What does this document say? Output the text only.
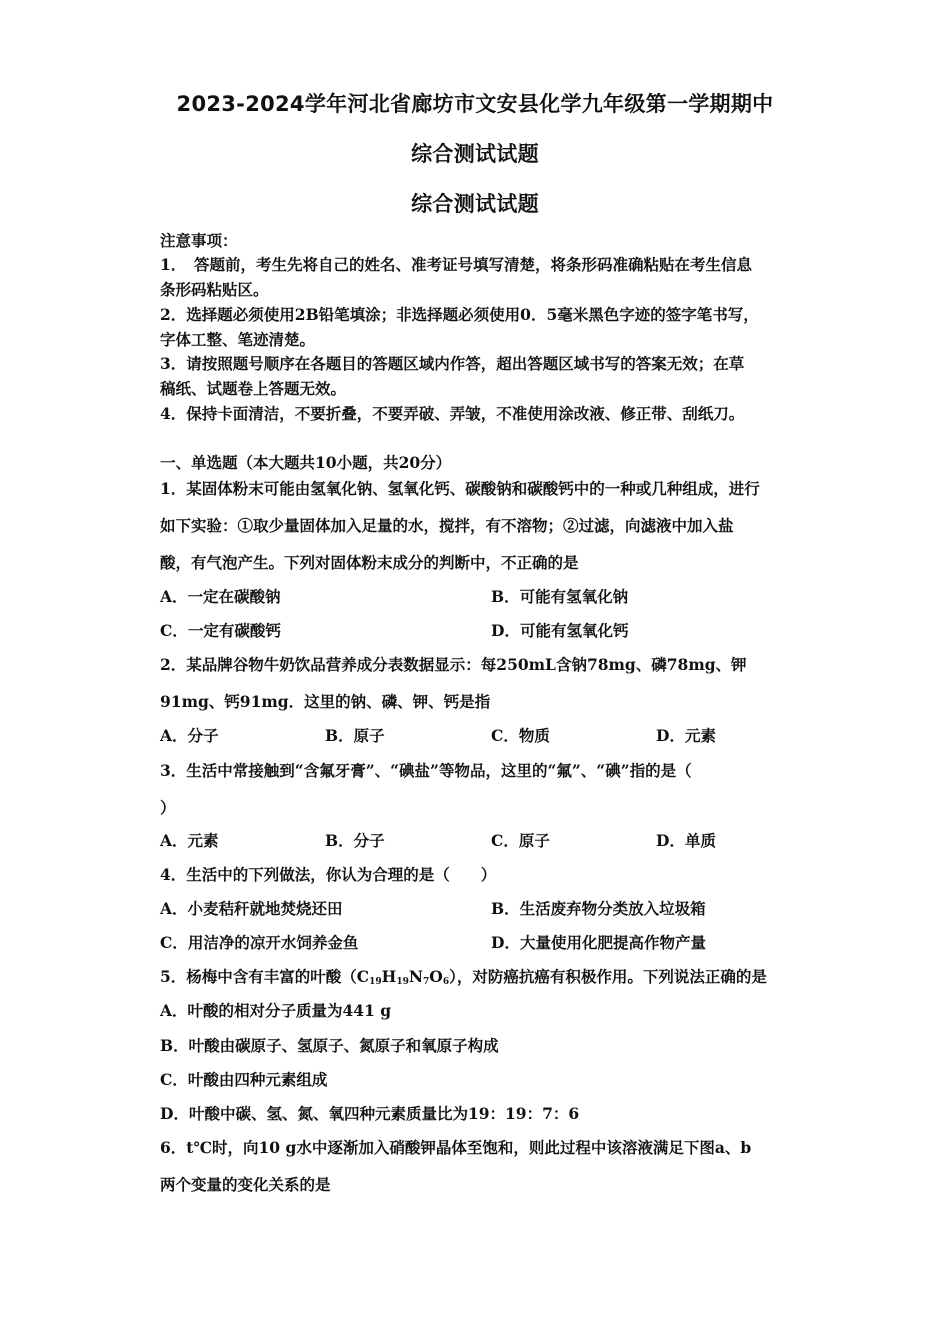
2023-2024学年河北省廊坊市文安县化学九年级第一学期期中
综合测试试题
综合测试试题
注意事项：
1．　答题前，考生先将自己的姓名、准考证号填写清楚，将条形码准确粘贴在考生信息
条形码粘贴区。
2．选择题必须使用2B铅笔填涂；非选择题必须使用0．5毫米黑色字迹的签字笔书写，
字体工整、笔迹清楚。
3．请按照题号顺序在各题目的答题区域内作答，超出答题区域书写的答案无效；在草
稿纸、试题卷上答题无效。
4．保持卡面清洁，不要折叠，不要弄破、弄皱，不准使用涂改液、修正带、刮纸刀。
一、单选题（本大题共10小题，共20分）
1．某固体粉末可能由氢氧化钠、氢氧化钙、碳酸钠和碳酸钙中的一种或几种组成，进行
如下实验：①取少量固体加入足量的水，搅拌，有不溶物；②过滤，向滤液中加入盐
酸，有气泡产生。下列对固体粉末成分的判断中，不正确的是
A．一定在碳酸钠	B．可能有氢氧化钠
C．一定有碳酸钙	D．可能有氢氧化钙
2．某品牌谷物牛奶饮品营养成分表数据显示：每250mL含钠78mg、磷78mg、钾
91mg、钙91mg．这里的钠、磷、钾、钙是指
A．分子	B．原子	C．物质	D．元素
3．生活中常接触到“含氟牙膏”、“碘盐”等物品，这里的“氟”、“碘”指的是（
）
A．元素	B．分子	C．原子	D．单质
4．生活中的下列做法，你认为合理的是（　　）
A．小麦秸秆就地焚烧还田	B．生活废弃物分类放入垃圾箱
C．用洁净的凉开水饲养金鱼	D．大量使用化肥提高作物产量
5．杨梅中含有丰富的叶酸$(C_{19}H_{19}N_7O_6)$，对防癌抗癌有积极作用。下列说法正确的是
A．叶酸的相对分子质量为441 g
B．叶酸由碳原子、氢原子、氮原子和氧原子构成
C．叶酸由四种元素组成
D．叶酸中碳、氢、氮、氧四种元素质量比为19：19：7：6
6．t℃时，向10 g水中逐渐加入硝酸钾晶体至饱和，则此过程中该溶液满足下图a、b
两个变量的变化关系的是
